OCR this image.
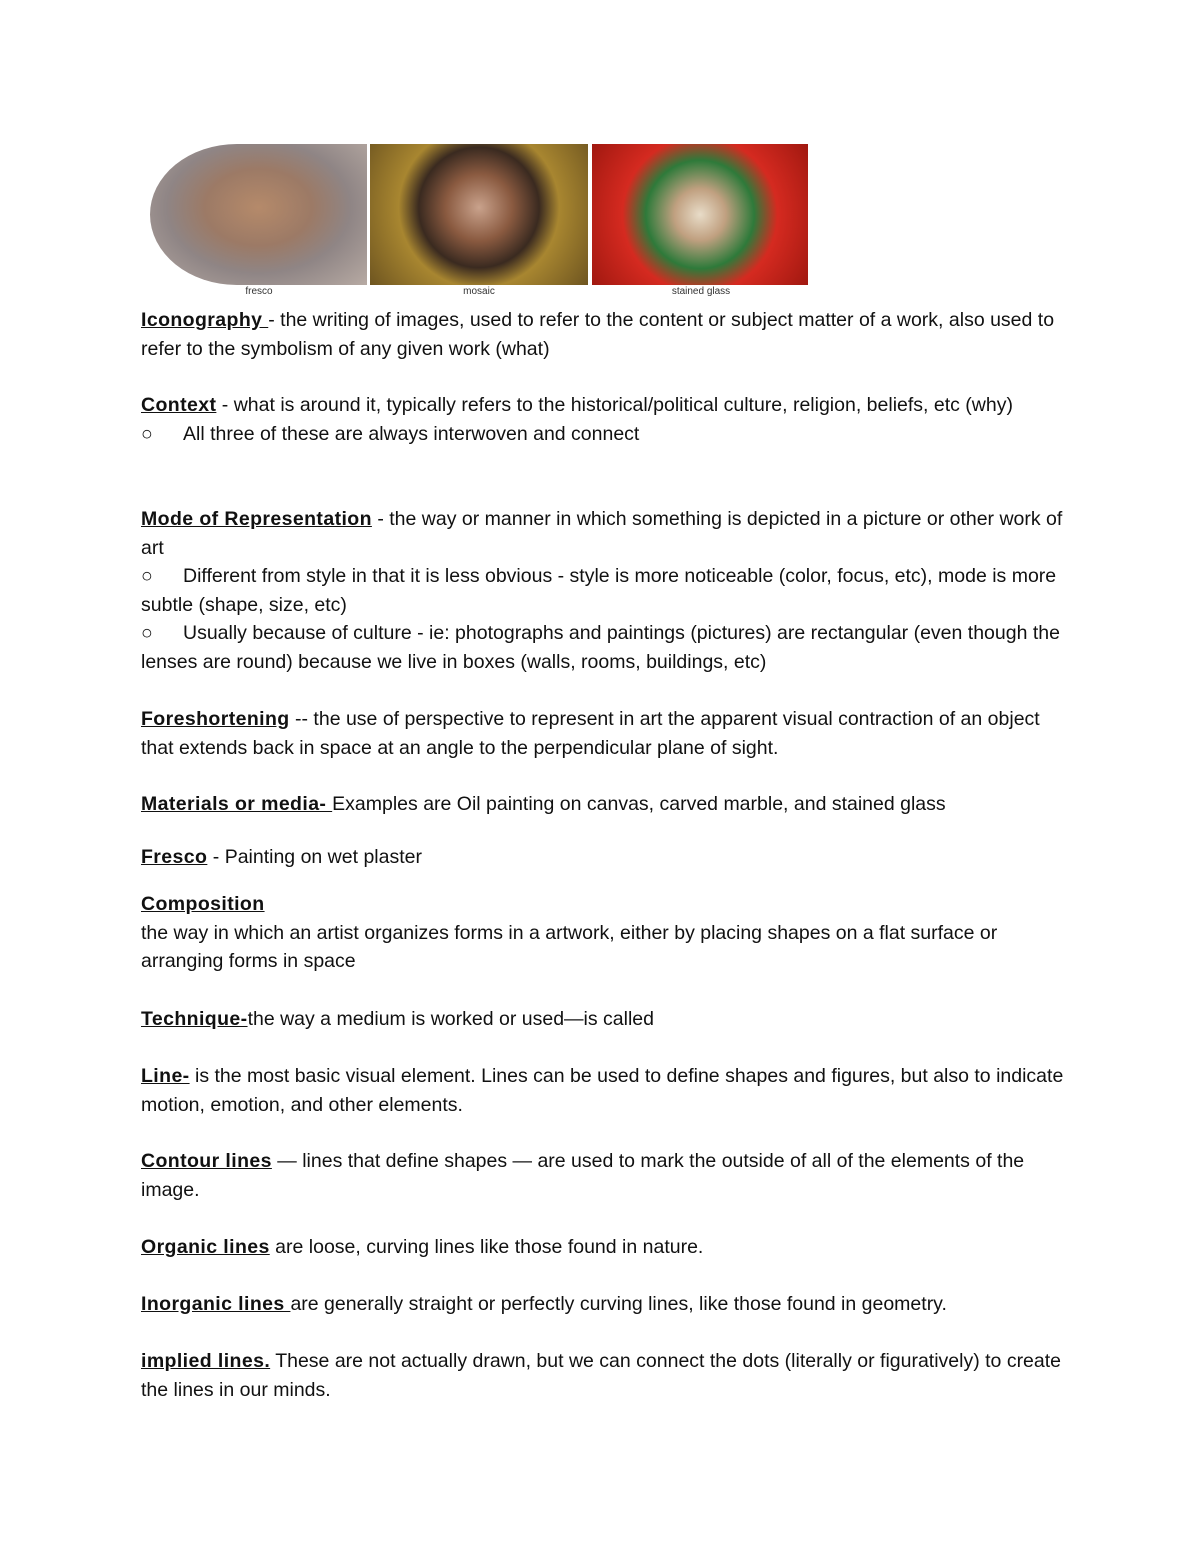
fresco	mosaic	stained glass
Iconography - the writing of images, used to refer to the content or subject matter of a work, also used to refer to the symbolism of any given work (what)
Context - what is around it, typically refers to the historical/political culture, religion, beliefs, etc (why)
○ All three of these are always interwoven and connect
Mode of Representation - the way or manner in which something is depicted in a picture or other work of art
○ Different from style in that it is less obvious - style is more noticeable (color, focus, etc), mode is more subtle (shape, size, etc)
○ Usually because of culture - ie: photographs and paintings (pictures) are rectangular (even though the lenses are round) because we live in boxes (walls, rooms, buildings, etc)
Foreshortening -- the use of perspective to represent in art the apparent visual contraction of an object that extends back in space at an angle to the perpendicular plane of sight.
Materials or media- Examples are Oil painting on canvas, carved marble, and stained glass
Fresco - Painting on wet plaster
Composition
the way in which an artist organizes forms in a artwork, either by placing shapes on a flat surface or arranging forms in space
Technique-the way a medium is worked or used—is called
Line- is the most basic visual element. Lines can be used to define shapes and figures, but also to indicate motion, emotion, and other elements.
Contour lines — lines that define shapes — are used to mark the outside of all of the elements of the image.
Organic lines are loose, curving lines like those found in nature.
Inorganic lines are generally straight or perfectly curving lines, like those found in geometry.
implied lines. These are not actually drawn, but we can connect the dots (literally or figuratively) to create the lines in our minds.
